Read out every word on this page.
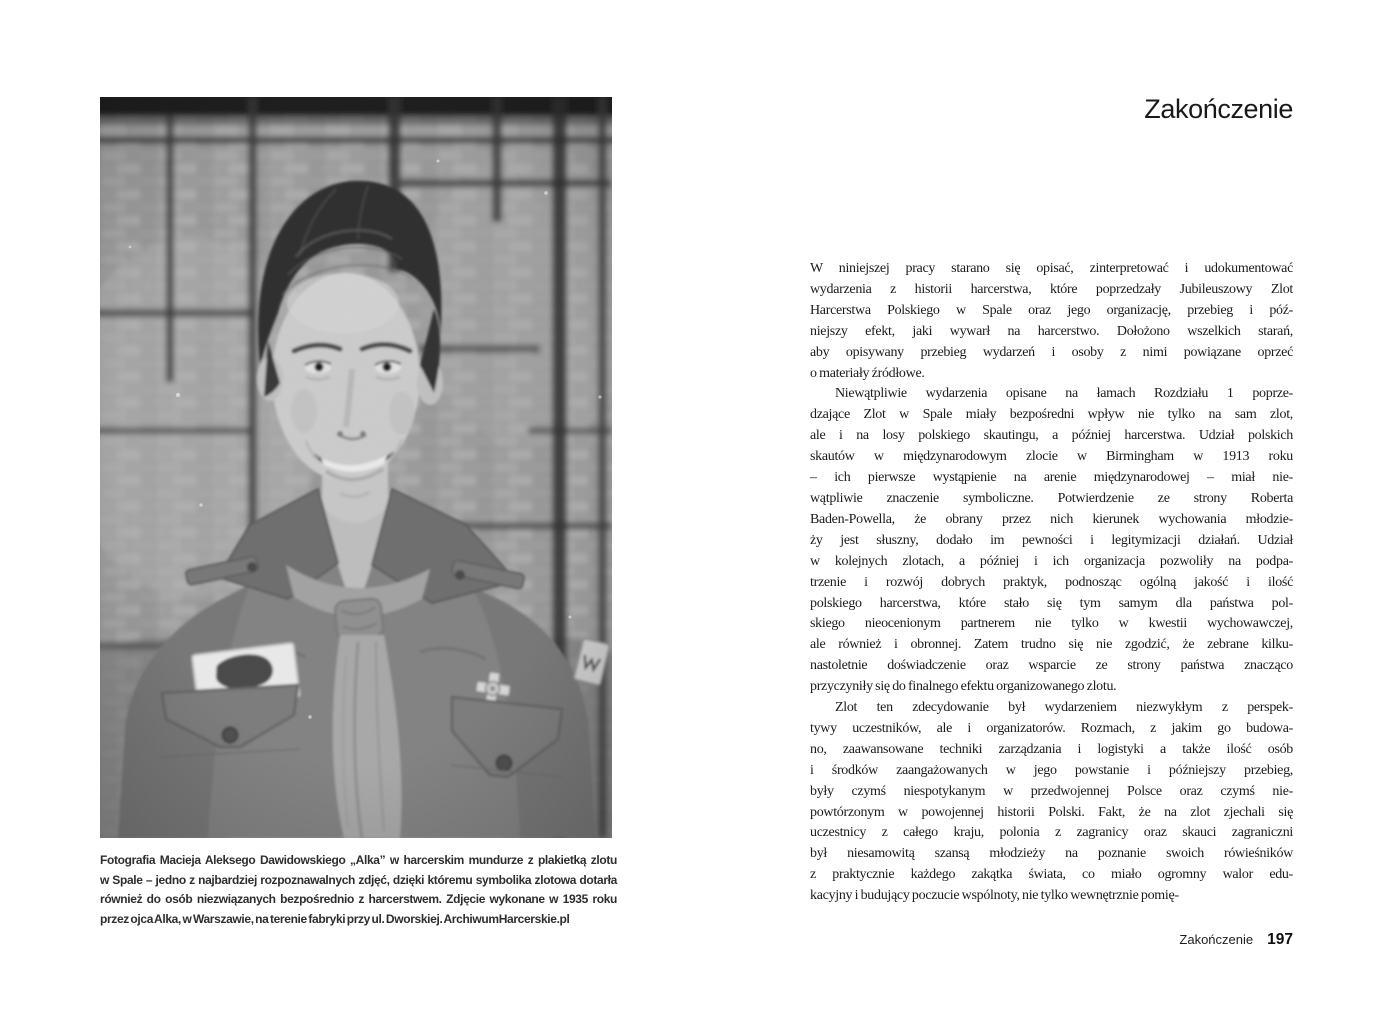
Fotografia Macieja Aleksego Dawidowskiego „Alka” w harcerskim mundurze z plakietką zlotu
w Spale – jedno z najbardziej rozpoznawalnych zdjęć, dzięki któremu symbolika zlotowa dotarła
również do osób niezwiązanych bezpośrednio z harcerstwem. Zdjęcie wykonane w 1935 roku
przez ojca Alka, w Warszawie, na terenie fabryki przy ul. Dworskiej. ArchiwumHarcerskie.pl
Zakończenie
W niniejszej pracy starano się opisać, zinterpretować i udokumentować
wydarzenia z historii harcerstwa, które poprzedzały Jubileuszowy Zlot
Harcerstwa Polskiego w Spale oraz jego organizację, przebieg i póź-
niejszy efekt, jaki wywarł na harcerstwo. Dołożono wszelkich starań,
aby opisywany przebieg wydarzeń i osoby z nimi powiązane oprzeć
o materiały źródłowe.
Niewątpliwie wydarzenia opisane na łamach Rozdziału 1 poprze-
dzające Zlot w Spale miały bezpośredni wpływ nie tylko na sam zlot,
ale i na losy polskiego skautingu, a później harcerstwa. Udział polskich
skautów w międzynarodowym zlocie w Birmingham w 1913 roku
– ich pierwsze wystąpienie na arenie międzynarodowej – miał nie-
wątpliwie znaczenie symboliczne. Potwierdzenie ze strony Roberta
Baden-Powella, że obrany przez nich kierunek wychowania młodzie-
ży jest słuszny, dodało im pewności i legitymizacji działań. Udział
w kolejnych zlotach, a później i ich organizacja pozwoliły na podpa-
trzenie i rozwój dobrych praktyk, podnosząc ogólną jakość i ilość
polskiego harcerstwa, które stało się tym samym dla państwa pol-
skiego nieocenionym partnerem nie tylko w kwestii wychowawczej,
ale również i obronnej. Zatem trudno się nie zgodzić, że zebrane kilku-
nastoletnie doświadczenie oraz wsparcie ze strony państwa znacząco
przyczyniły się do finalnego efektu organizowanego zlotu.
Zlot ten zdecydowanie był wydarzeniem niezwykłym z perspek-
tywy uczestników, ale i organizatorów. Rozmach, z jakim go budowa-
no, zaawansowane techniki zarządzania i logistyki a także ilość osób
i środków zaangażowanych w jego powstanie i późniejszy przebieg,
były czymś niespotykanym w przedwojennej Polsce oraz czymś nie-
powtórzonym w powojennej historii Polski. Fakt, że na zlot zjechali się
uczestnicy z całego kraju, polonia z zagranicy oraz skauci zagraniczni
był niesamowitą szansą młodzieży na poznanie swoich rówieśników
z praktycznie każdego zakątka świata, co miało ogromny walor edu-
kacyjny i budujący poczucie wspólnoty, nie tylko wewnętrznie pomię-
Zakończenie 197
